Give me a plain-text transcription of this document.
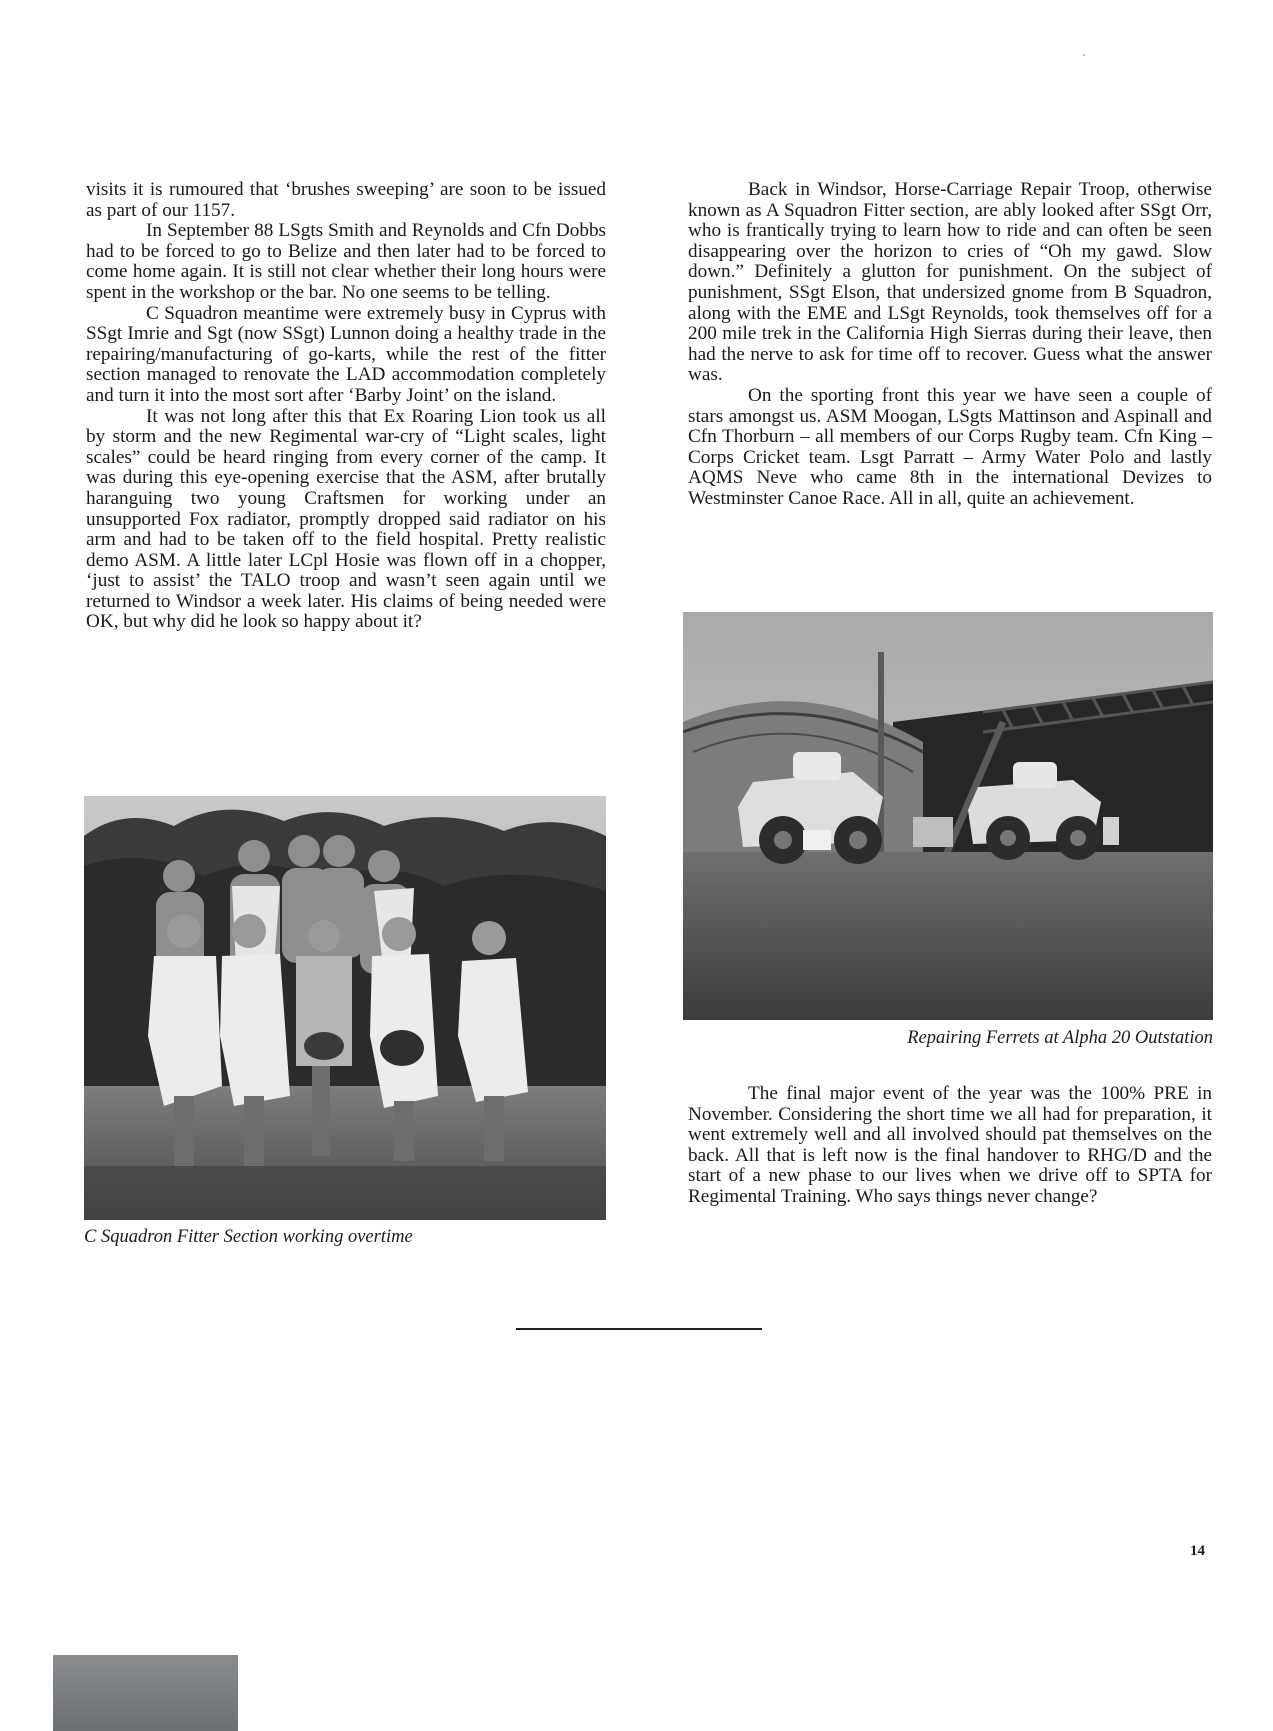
visits it is rumoured that ‘brushes sweeping’ are soon to be issued as part of our 1157.

In September 88 LSgts Smith and Reynolds and Cfn Dobbs had to be forced to go to Belize and then later had to be forced to come home again. It is still not clear whether their long hours were spent in the workshop or the bar. No one seems to be telling.

C Squadron meantime were extremely busy in Cyprus with SSgt Imrie and Sgt (now SSgt) Lunnon doing a healthy trade in the repairing/manufacturing of go-karts, while the rest of the fitter section managed to renovate the LAD accommodation completely and turn it into the most sort after ‘Barby Joint’ on the island.

It was not long after this that Ex Roaring Lion took us all by storm and the new Regimental war-cry of “Light scales, light scales” could be heard ringing from every corner of the camp. It was during this eye-opening exercise that the ASM, after brutally haranguing two young Craftsmen for working under an unsupported Fox radiator, promptly dropped said radiator on his arm and had to be taken off to the field hospital. Pretty realistic demo ASM. A little later LCpl Hosie was flown off in a chopper, ‘just to assist’ the TALO troop and wasn’t seen again until we returned to Windsor a week later. His claims of being needed were OK, but why did he look so happy about it?

Back in Windsor, Horse-Carriage Repair Troop, otherwise known as A Squadron Fitter section, are ably looked after SSgt Orr, who is frantically trying to learn how to ride and can often be seen disappearing over the horizon to cries of “Oh my gawd. Slow down.” Definitely a glutton for punishment. On the subject of punishment, SSgt Elson, that undersized gnome from B Squadron, along with the EME and LSgt Reynolds, took themselves off for a 200 mile trek in the California High Sierras during their leave, then had the nerve to ask for time off to recover. Guess what the answer was.

On the sporting front this year we have seen a couple of stars amongst us. ASM Moogan, LSgts Mattinson and Aspinall and Cfn Thorburn – all members of our Corps Rugby team. Cfn King – Corps Cricket team. Lsgt Parratt – Army Water Polo and lastly AQMS Neve who came 8th in the international Devizes to Westminster Canoe Race. All in all, quite an achievement.

C Squadron Fitter Section working overtime
Repairing Ferrets at Alpha 20 Outstation

The final major event of the year was the 100% PRE in November. Considering the short time we all had for preparation, it went extremely well and all involved should pat themselves on the back. All that is left now is the final handover to RHG/D and the start of a new phase to our lives when we drive off to SPTA for Regimental Training. Who says things never change?

14
